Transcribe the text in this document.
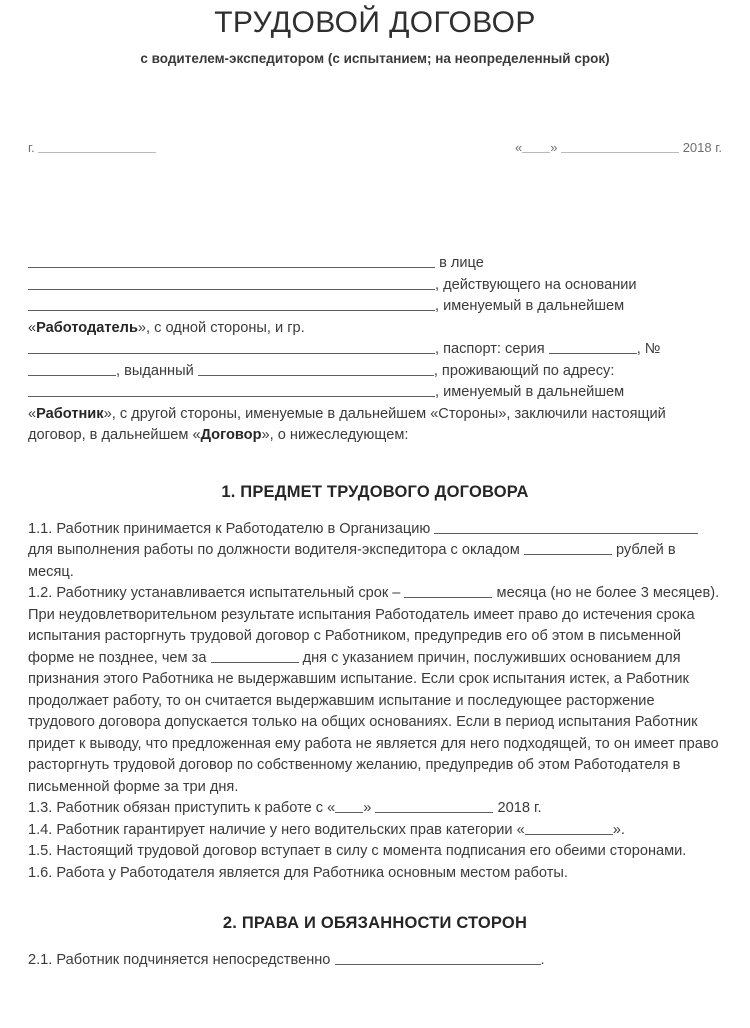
ТРУДОВОЙ ДОГОВОР
с водителем-экспедитором (с испытанием; на неопределенный срок)
г.	« »	2018 г.
в лице
, действующего на основании
, именуемый в дальнейшем
«Работодатель», с одной стороны, и гр.
, паспорт: серия	, №
, выданный	, проживающий по адресу:
, именуемый в дальнейшем
«Работник», с другой стороны, именуемые в дальнейшем «Стороны», заключили настоящий договор, в дальнейшем «Договор», о нижеследующем:
1. ПРЕДМЕТ ТРУДОВОГО ДОГОВОРА

1.1. Работник принимается к Работодателю в Организацию  для выполнения работы по должности водителя-экспедитора с окладом	рублей в месяц.

1.2. Работнику устанавливается испытательный срок –	месяца (но не более 3 месяцев). При неудовлетворительном результате испытания Работодатель имеет право до истечения срока испытания расторгнуть трудовой договор с Работником, предупредив его об этом в письменной форме не позднее, чем за	дня с указанием причин, послуживших основанием для признания этого Работника не выдержавшим испытание. Если срок испытания истек, а Работник продолжает работу, то он считается выдержавшим испытание и последующее расторжение трудового договора допускается только на общих основаниях. Если в период испытания Работник придет к выводу, что предложенная ему работа не является для него подходящей, то он имеет право расторгнуть трудовой договор по собственному желанию, предупредив об этом Работодателя в письменной форме за три дня.

1.3. Работник обязан приступить к работе с « »	2018 г.

1.4. Работник гарантирует наличие у него водительских прав категории «	».

1.5. Настоящий трудовой договор вступает в силу с момента подписания его обеими сторонами.

1.6. Работа у Работодателя является для Работника основным местом работы.

2. ПРАВА И ОБЯЗАННОСТИ СТОРОН

2.1. Работник подчиняется непосредственно	.
